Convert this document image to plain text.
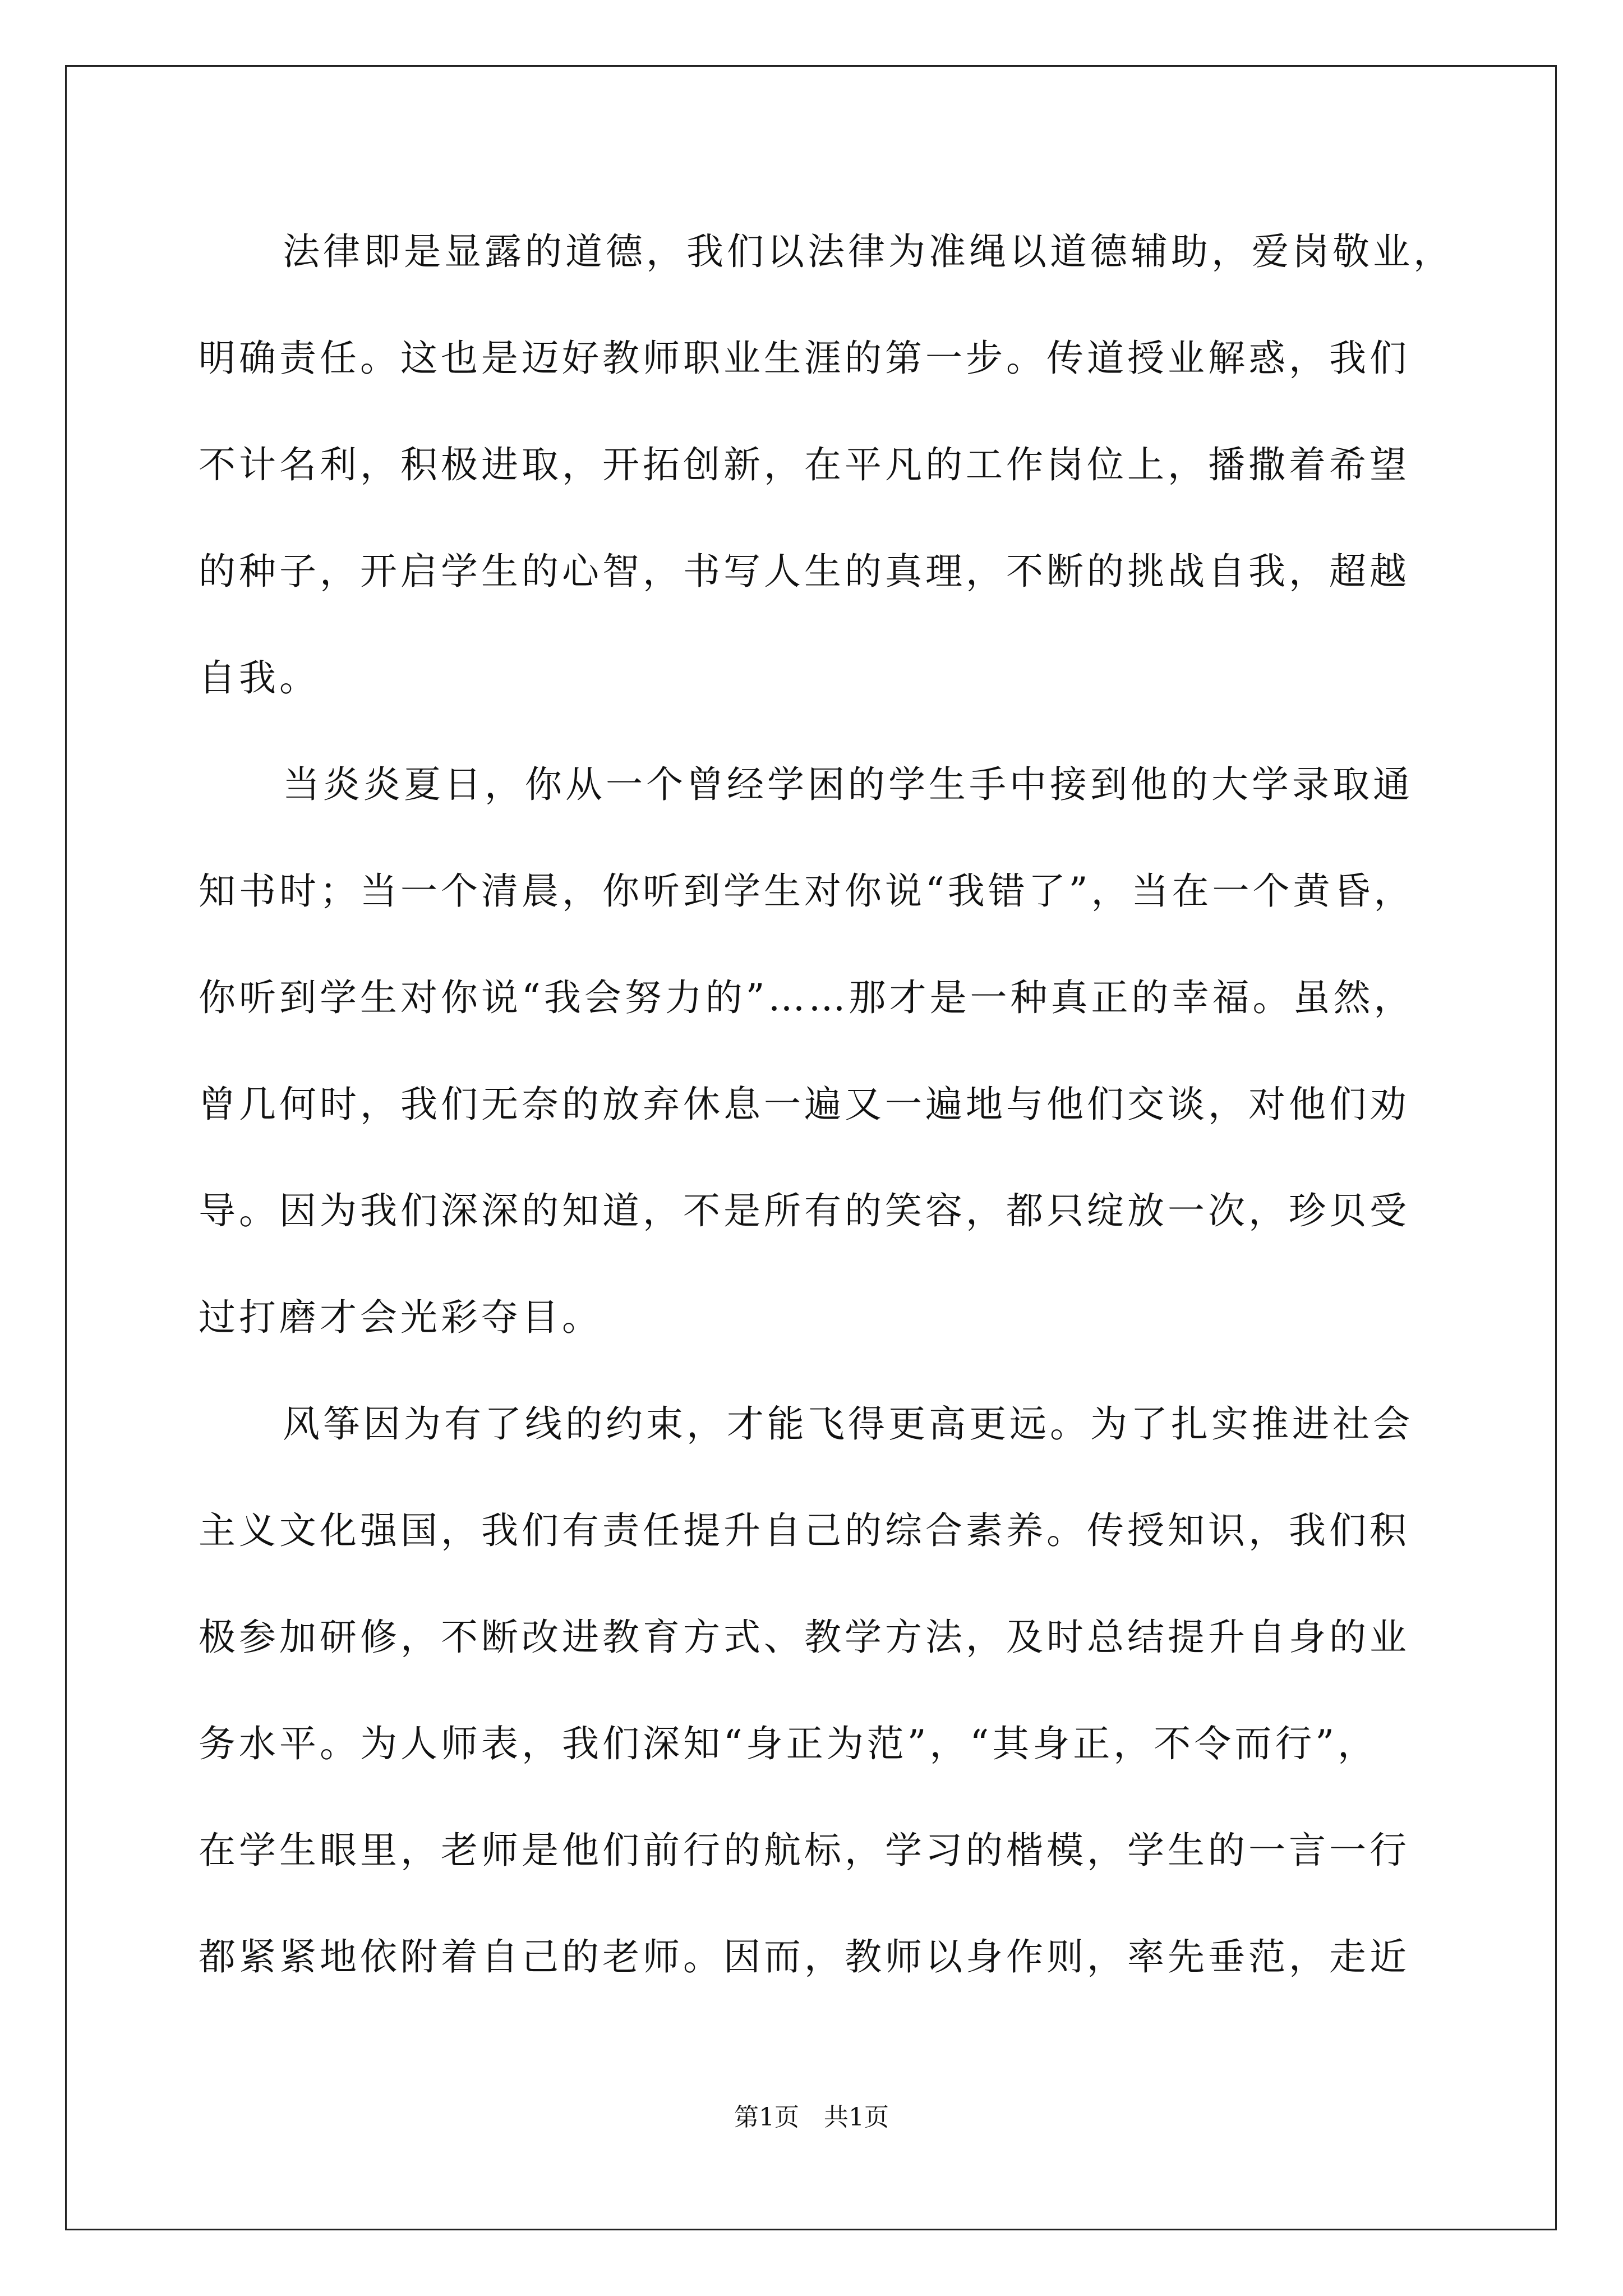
法律即是显露的道德，我们以法律为准绳以道德辅助，爱岗敬业，
明确责任。这也是迈好教师职业生涯的第一步。传道授业解惑，我们
不计名利，积极进取，开拓创新，在平凡的工作岗位上，播撒着希望
的种子，开启学生的心智，书写人生的真理，不断的挑战自我，超越
自我。
当炎炎夏日，你从一个曾经学困的学生手中接到他的大学录取通
知书时；当一个清晨，你听到学生对你说“我错了”，当在一个黄昏，
你听到学生对你说“我会努力的”……那才是一种真正的幸福。虽然，
曾几何时，我们无奈的放弃休息一遍又一遍地与他们交谈，对他们劝
导。因为我们深深的知道，不是所有的笑容，都只绽放一次，珍贝受
过打磨才会光彩夺目。
风筝因为有了线的约束，才能飞得更高更远。为了扎实推进社会
主义文化强国，我们有责任提升自己的综合素养。传授知识，我们积
极参加研修，不断改进教育方式、教学方法，及时总结提升自身的业
务水平。为人师表，我们深知“身正为范”，“其身正，不令而行”，
在学生眼里，老师是他们前行的航标，学习的楷模，学生的一言一行
都紧紧地依附着自己的老师。因而，教师以身作则，率先垂范，走近
第1页　共1页
